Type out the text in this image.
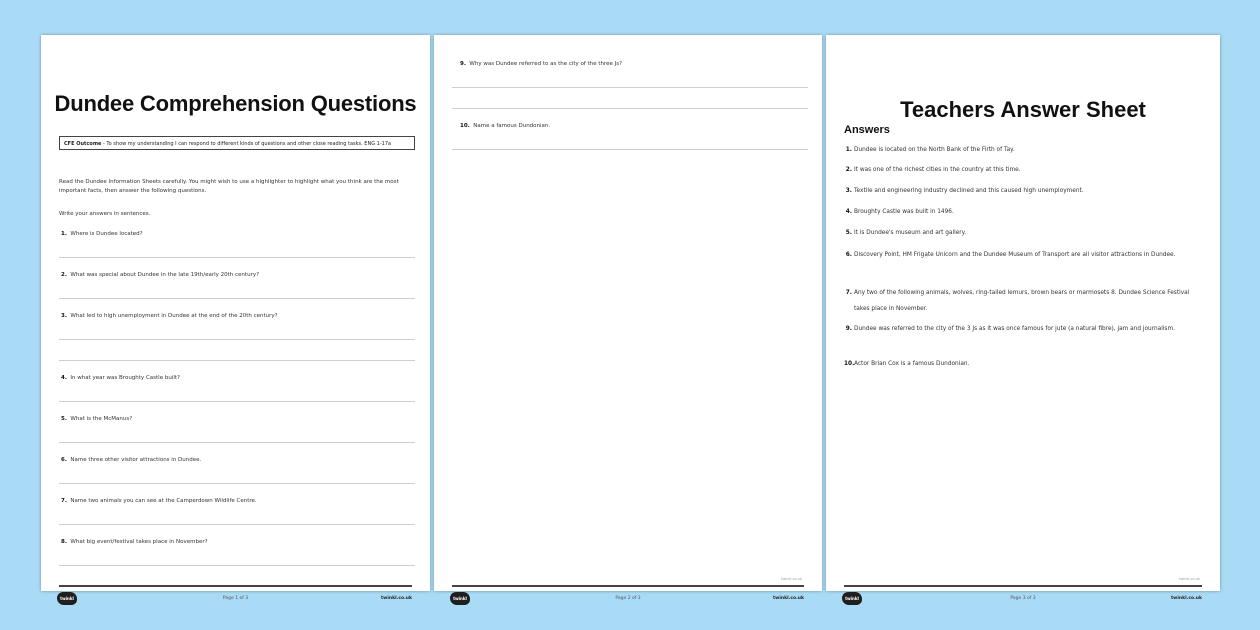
Dundee Comprehension Questions
CFE Outcome - To show my understanding I can respond to different kinds of questions and other close reading tasks. ENG 1-17a
Read the Dundee Information Sheets carefully. You might wish to use a highlighter to highlight what you think are the most important facts, then answer the following questions.
Write your answers in sentences.
1. Where is Dundee located?
2. What was special about Dundee in the late 19th/early 20th century?
3. What led to high unemployment in Dundee at the end of the 20th century?
4. In what year was Broughty Castle built?
5. What is the McManus?
6. Name three other visitor attractions in Dundee.
7. Name two animals you can see at the Camperdown Wildlife Centre.
8. What big event/festival takes place in November?
twinkl	Page 1 of 3	twinkl.co.uk
9. Why was Dundee referred to as the city of the three Js?
10. Name a famous Dundonian.
twinkl.co.uk
twinkl	Page 2 of 3	twinkl.co.uk
Teachers Answer Sheet
Answers
1. Dundee is located on the North Bank of the Firth of Tay.
2. It was one of the richest cities in the country at this time.
3. Textile and engineering industry declined and this caused high unemployment.
4. Broughty Castle was built in 1496.
5. It is Dundee's museum and art gallery.
6. Discovery Point, HM Frigate Unicorn and the Dundee Museum of Transport are all visitor attractions in Dundee.
7. Any two of the following animals, wolves, ring-tailed lemurs, brown bears or marmosets 8. Dundee Science Festival takes place in November.
9. Dundee was referred to the city of the 3 Js as it was once famous for jute (a natural fibre), jam and journalism.
10.Actor Brian Cox is a famous Dundonian.
twinkl.co.uk
twinkl	Page 3 of 3	twinkl.co.uk
